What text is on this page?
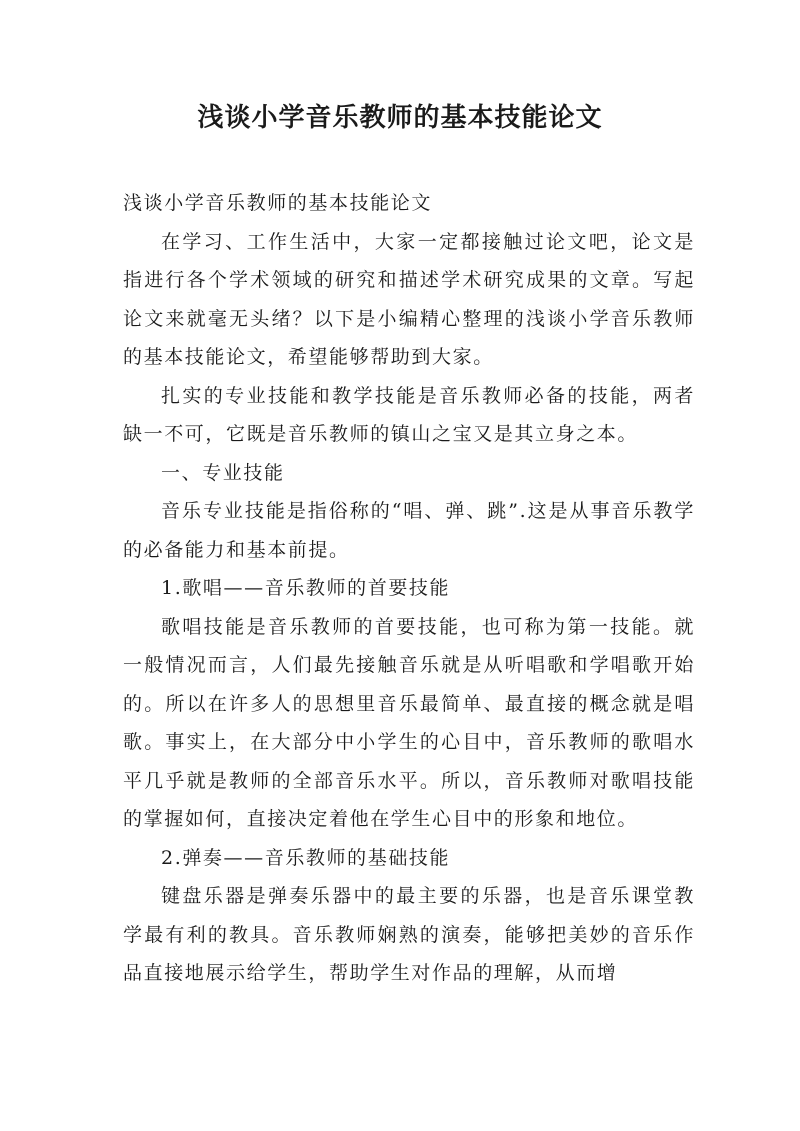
浅谈小学音乐教师的基本技能论文

浅谈小学音乐教师的基本技能论文

在学习、工作生活中，大家一定都接触过论文吧，论文是指进行各个学术领域的研究和描述学术研究成果的文章。写起论文来就毫无头绪？以下是小编精心整理的浅谈小学音乐教师的基本技能论文，希望能够帮助到大家。

扎实的专业技能和教学技能是音乐教师必备的技能，两者缺一不可，它既是音乐教师的镇山之宝又是其立身之本。

一、专业技能

音乐专业技能是指俗称的“唱、弹、跳”.这是从事音乐教学的必备能力和基本前提。

1.歌唱——音乐教师的首要技能

歌唱技能是音乐教师的首要技能，也可称为第一技能。就一般情况而言，人们最先接触音乐就是从听唱歌和学唱歌开始的。所以在许多人的思想里音乐最简单、最直接的概念就是唱歌。事实上，在大部分中小学生的心目中，音乐教师的歌唱水平几乎就是教师的全部音乐水平。所以，音乐教师对歌唱技能的掌握如何，直接决定着他在学生心目中的形象和地位。

2.弹奏——音乐教师的基础技能

键盘乐器是弹奏乐器中的最主要的乐器，也是音乐课堂教学最有利的教具。音乐教师娴熟的演奏，能够把美妙的音乐作品直接地展示给学生，帮助学生对作品的理解，从而增
